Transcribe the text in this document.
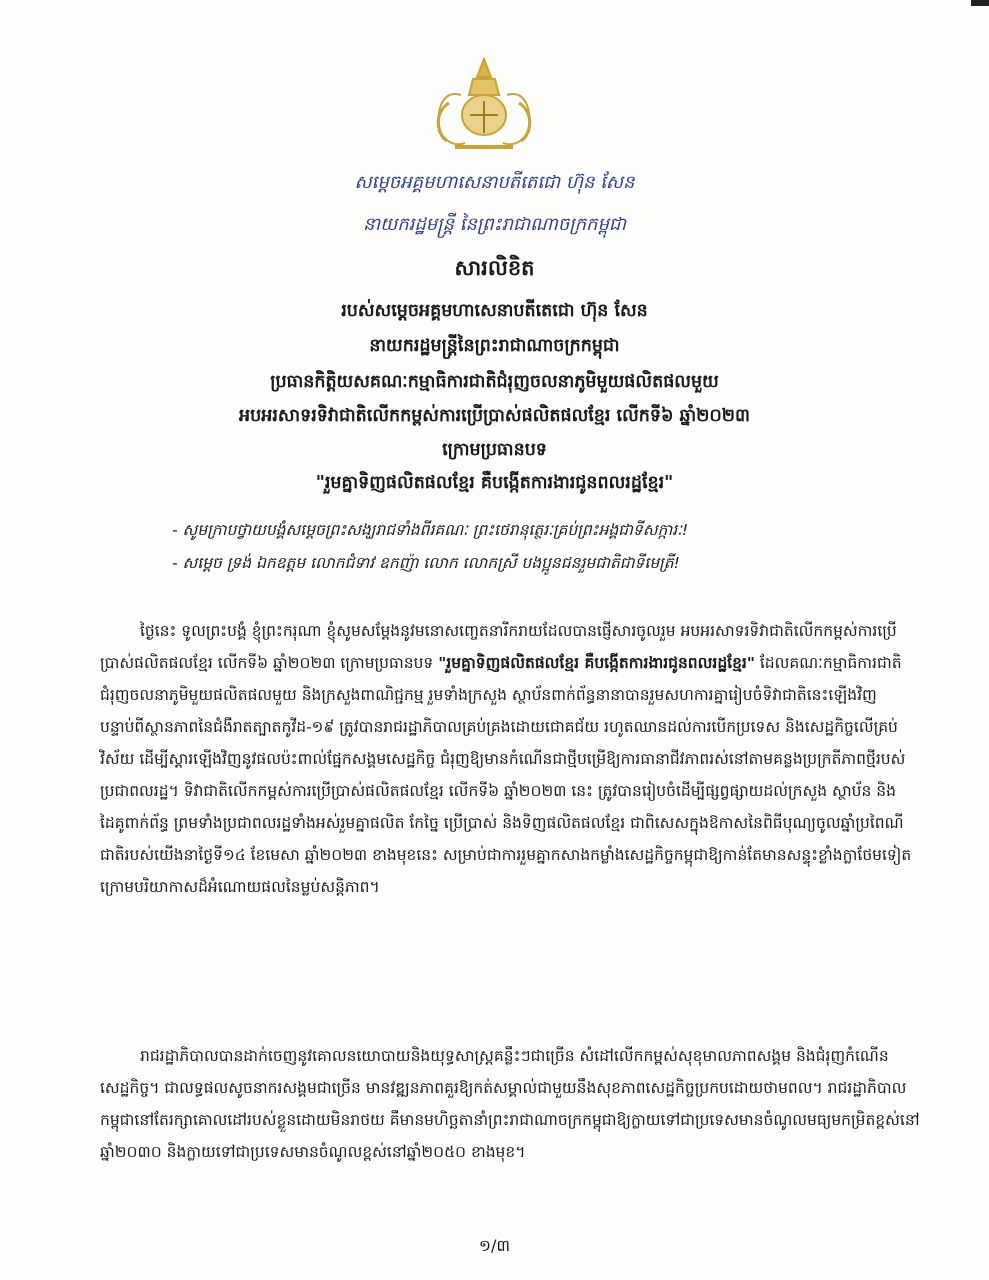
សម្តេចអគ្គមហាសេនាបតីតេជោ ហ៊ុន សែន
នាយករដ្ឋមន្ត្រី នៃព្រះរាជាណាចក្រកម្ពុជា
សារលិខិត
របស់សម្តេចអគ្គមហាសេនាបតីតេជោ ហ៊ុន សែន
នាយករដ្ឋមន្ត្រីនៃព្រះរាជាណាចក្រកម្ពុជា
ប្រធានកិត្តិយសគណៈកម្មាធិការជាតិជំរុញចលនាភូមិមួយផលិតផលមួយ
អបអរសាទរទិវាជាតិលើកកម្ពស់ការប្រើប្រាស់ផលិតផលខ្មែរ លើកទី៦ ឆ្នាំ២០២៣
ក្រោមប្រធានបទ
"រួមគ្នាទិញផលិតផលខ្មែរ គឺបង្កើតការងារជូនពលរដ្ឋខ្មែរ"
- សូមក្រាបថ្វាយបង្គំសម្តេចព្រះសង្ឃរាជទាំងពីរគណៈ ព្រះថេរានុត្ថេរៈគ្រប់ព្រះអង្គជាទីសក្ការៈ!
- សម្តេច ទ្រង់ ឯកឧត្តម លោកជំទាវ ឧកញ៉ា លោក លោកស្រី បងប្អូនជនរួមជាតិជាទីមេត្រី!

ថ្ងៃនេះ ទូលព្រះបង្គំ ខ្ញុំព្រះករុណា ខ្ញុំសូមសម្តែងនូវមនោសញ្ចេតនារីករាយដែលបានផ្ញើសារចូលរួម អបអរសាទរទិវាជាតិលើកកម្ពស់ការប្រើប្រាស់ផលិតផលខ្មែរ លើកទី៦ ឆ្នាំ២០២៣ ក្រោមប្រធានបទ "រួមគ្នាទិញផលិតផលខ្មែរ គឺបង្កើតការងារជូនពលរដ្ឋខ្មែរ" ដែលគណៈកម្មាធិការជាតិជំរុញចលនាភូមិមួយផលិតផលមួយ និងក្រសួងពាណិជ្ជកម្ម រួមទាំងក្រសួង ស្ថាប័នពាក់ព័ន្ធនានាបានរួមសហការគ្នារៀបចំទិវាជាតិនេះឡើងវិញបន្ទាប់ពីស្ថានភាពនៃជំងឺរាតត្បាតកូវីដ-១៩ ត្រូវបានរាជរដ្ឋាភិបាលគ្រប់គ្រងដោយជោគជ័យ រហូតឈានដល់ការបើកប្រទេស និងសេដ្ឋកិច្ចលើគ្រប់វិស័យ ដើម្បីស្តារឡើងវិញនូវផលប៉ះពាល់ផ្នែកសង្គមសេដ្ឋកិច្ច ជំរុញឱ្យមានកំណើនជាថ្មីបម្រើឱ្យការធានាជីវភាពរស់នៅតាមគន្លងប្រក្រតីភាពថ្មីរបស់ប្រជាពលរដ្ឋ។ ទិវាជាតិលើកកម្ពស់ការប្រើប្រាស់ផលិតផលខ្មែរ លើកទី៦ ឆ្នាំ២០២៣ នេះ ត្រូវបានរៀបចំដើម្បីផ្សព្វផ្សាយដល់ក្រសួង ស្ថាប័ន និងដៃគូពាក់ព័ន្ធ ព្រមទាំងប្រជាពលរដ្ឋទាំងអស់រួមគ្នាផលិត កែច្នៃ ប្រើប្រាស់ និងទិញផលិតផលខ្មែរ ជាពិសេសក្នុងឱកាសនៃពិធីបុណ្យចូលឆ្នាំប្រពៃណីជាតិរបស់យើងនាថ្ងៃទី១៤ ខែមេសា ឆ្នាំ២០២៣ ខាងមុខនេះ សម្រាប់ជាការរួមគ្នាកសាងកម្លាំងសេដ្ឋកិច្ចកម្ពុជាឱ្យកាន់តែមានសន្ទុះខ្លាំងក្លាថែមទៀត ក្រោមបរិយាកាសដ៏អំណោយផលនៃម្លប់សន្តិភាព។

រាជរដ្ឋាភិបាលបានដាក់ចេញនូវគោលនយោបាយនិងយុទ្ធសាស្ត្រគន្លឹះៗជាច្រើន សំដៅលើកកម្ពស់សុខុមាលភាពសង្គម និងជំរុញកំណើនសេដ្ឋកិច្ច។ ជាលទ្ធផលសូចនាករសង្គមជាច្រើន មានវឌ្ឍនភាពគួរឱ្យកត់សម្គាល់ជាមួយនឹងសុខភាពសេដ្ឋកិច្ចប្រកបដោយថាមពល។ រាជរដ្ឋាភិបាលកម្ពុជានៅតែរក្សាគោលដៅរបស់ខ្លួនដោយមិនរាថយ គឺមានមហិច្ឆតានាំព្រះរាជាណាចក្រកម្ពុជាឱ្យក្លាយទៅជាប្រទេសមានចំណូលមធ្យមកម្រិតខ្ពស់នៅឆ្នាំ២០៣០ និងក្លាយទៅជាប្រទេសមានចំណូលខ្ពស់នៅឆ្នាំ២០៥០ ខាងមុខ។

១/៣
